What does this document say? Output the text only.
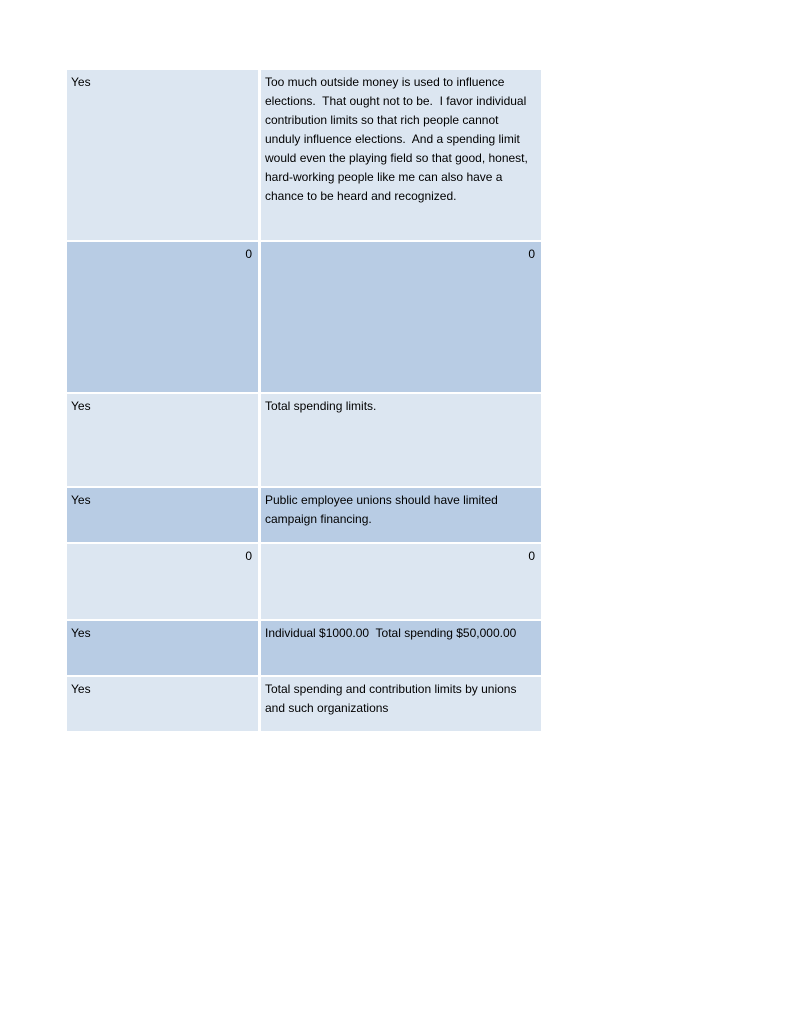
Yes	Too much outside money is used to influence elections.  That ought not to be.  I favor individual contribution limits so that rich people cannot unduly influence elections.  And a spending limit would even the playing field so that good, honest, hard-working people like me can also have a chance to be heard and recognized.
0	0
Yes	Total spending limits.
Yes	Public employee unions should have limited campaign financing.
0	0
Yes	Individual $1000.00  Total spending $50,000.00
Yes	Total spending and contribution limits by unions and such organizations
